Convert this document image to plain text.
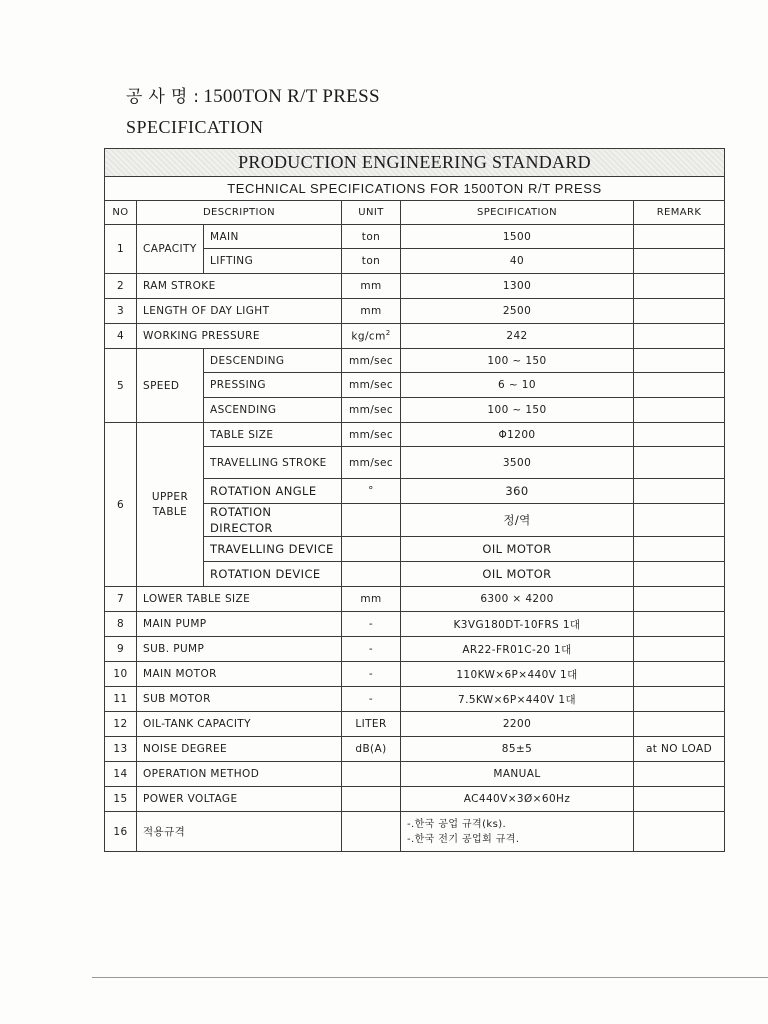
공 사 명 : 1500TON R/T PRESS
SPECIFICATION
PRODUCTION ENGINEERING STANDARD					
TECHNICAL SPECIFICATIONS FOR 1500TON R/T PRESS					
NO	DESCRIPTION		UNIT	SPECIFICATION	REMARK
1	CAPACITY	MAIN	ton	1500	
		LIFTING	ton	40	
2	RAM STROKE		mm	1300	
3	LENGTH OF DAY LIGHT		mm	2500	
4	WORKING PRESSURE		$kg/cm^2$	242	
5	SPEED	DESCENDING	mm/sec	100 ~ 150	
		PRESSING	mm/sec	6 ~ 10	
		ASCENDING	mm/sec	100 ~ 150	
6	UPPER TABLE	TABLE SIZE	mm/sec	Φ1200	
		TRAVELLING STROKE	mm/sec	3500	
		ROTATION ANGLE	°	360	
		ROTATION DIRECTOR		정/역	
		TRAVELLING DEVICE		OIL MOTOR	
		ROTATION DEVICE		OIL MOTOR	
7	LOWER TABLE SIZE		mm	6300 × 4200	
8	MAIN PUMP		-	K3VG180DT-10FRS 1대	
9	SUB. PUMP		-	AR22-FR01C-20 1대	
10	MAIN MOTOR		-	110KW×6P×440V 1대	
11	SUB MOTOR		-	7.5KW×6P×440V 1대	
12	OIL-TANK CAPACITY		LITER	2200	
13	NOISE DEGREE		dB(A)	85±5	at NO LOAD
14	OPERATION METHOD			MANUAL	
15	POWER VOLTAGE			AC440V×3Ø×60Hz	
16	적용규격			-.한국 공업 규격(ks).
-.한국 전기 공업회 규격.	
